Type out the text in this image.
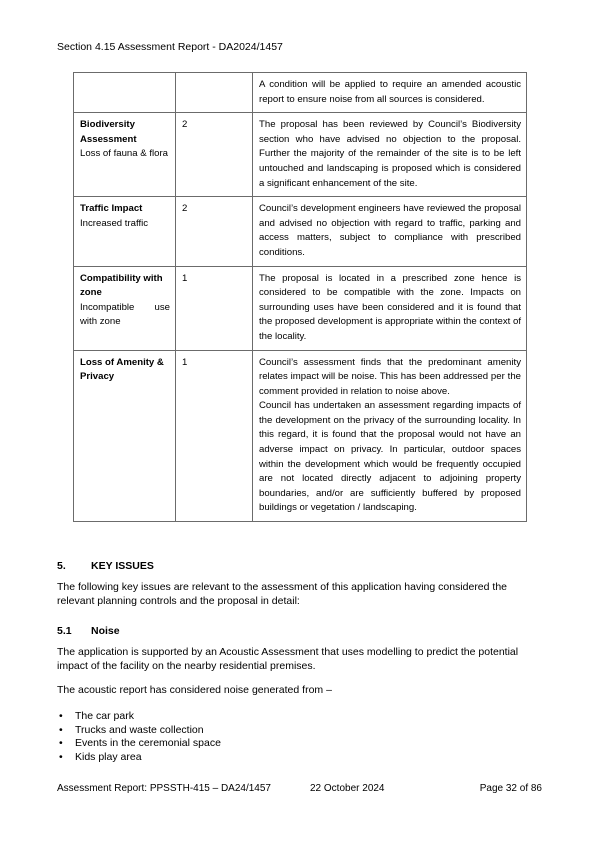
Section 4.15 Assessment Report - DA2024/1457

		A condition will be applied to require an amended acoustic report to ensure noise from all sources is considered.

Biodiversity Assessment
Loss of fauna & flora	2	The proposal has been reviewed by Council’s Biodiversity section who have advised no objection to the proposal. Further the majority of the remainder of the site is to be left untouched and landscaping is proposed which is considered a significant enhancement of the site.

Traffic Impact
Increased traffic	2	Council’s development engineers have reviewed the proposal and advised no objection with regard to traffic, parking and access matters, subject to compliance with prescribed conditions.

Compatibility with zone
Incompatible use with zone	1	The proposal is located in a prescribed zone hence is considered to be compatible with the zone. Impacts on surrounding uses have been considered and it is found that the proposed development is appropriate within the context of the locality.

Loss of Amenity & Privacy	1	Council’s assessment finds that the predominant amenity relates impact will be noise. This has been addressed per the comment provided in relation to noise above.

Council has undertaken an assessment regarding impacts of the development on the privacy of the surrounding locality. In this regard, it is found that the proposal would not have an adverse impact on privacy. In particular, outdoor spaces within the development which would be frequently occupied are not located directly adjacent to adjoining property boundaries, and/or are sufficiently buffered by proposed buildings or vegetation / landscaping.

5. KEY ISSUES
The following key issues are relevant to the assessment of this application having considered the relevant planning controls and the proposal in detail:
5.1 Noise
The application is supported by an Acoustic Assessment that uses modelling to predict the potential impact of the facility on the nearby residential premises.
The acoustic report has considered noise generated from –
• The car park
• Trucks and waste collection
• Events in the ceremonial space
• Kids play area
Assessment Report: PPSSTH-415 – DA24/1457	22 October 2024	Page 32 of 86
